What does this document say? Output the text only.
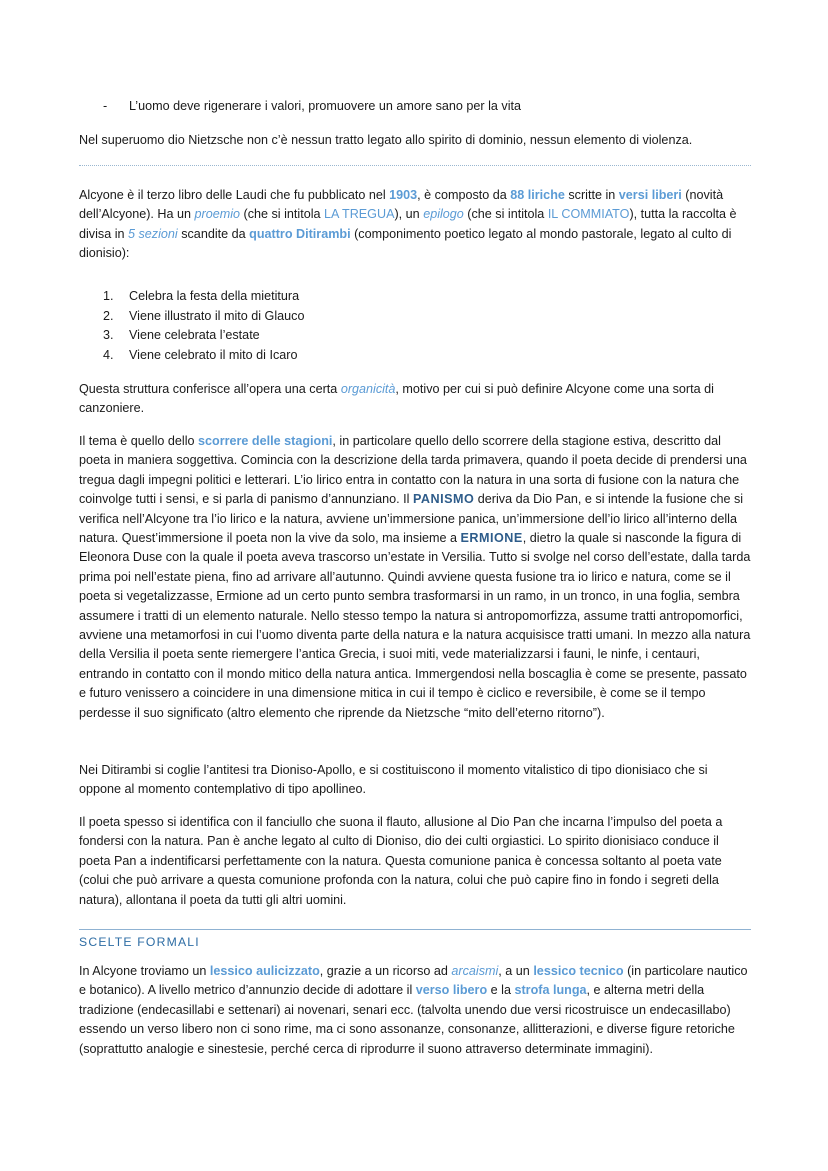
- L’uomo deve rigenerare i valori, promuovere un amore sano per la vita

Nel superuomo dio Nietzsche non c’è nessun tratto legato allo spirito di dominio, nessun elemento di violenza.

Alcyone è il terzo libro delle Laudi che fu pubblicato nel 1903, è composto da 88 liriche scritte in versi liberi (novità dell’Alcyone). Ha un proemio (che si intitola LA TREGUA), un epilogo (che si intitola IL COMMIATO), tutta la raccolta è divisa in 5 sezioni scandite da quattro Ditirambi (componimento poetico legato al mondo pastorale, legato al culto di dionisio):

1. Celebra la festa della mietitura
2. Viene illustrato il mito di Glauco
3. Viene celebrata l’estate
4. Viene celebrato il mito di Icaro

Questa struttura conferisce all’opera una certa organicità, motivo per cui si può definire Alcyone come una sorta di canzoniere.

Il tema è quello dello scorrere delle stagioni, in particolare quello dello scorrere della stagione estiva, descritto dal poeta in maniera soggettiva. Comincia con la descrizione della tarda primavera, quando il poeta decide di prendersi una tregua dagli impegni politici e letterari. L’io lirico entra in contatto con la natura in una sorta di fusione con la natura che coinvolge tutti i sensi, e si parla di panismo d’annunziano. Il PANISMO deriva da Dio Pan, e si intende la fusione che si verifica nell’Alcyone tra l’io lirico e la natura, avviene un’immersione panica, un’immersione dell’io lirico all’interno della natura. Quest’immersione il poeta non la vive da solo, ma insieme a ERMIONE, dietro la quale si nasconde la figura di Eleonora Duse con la quale il poeta aveva trascorso un’estate in Versilia. Tutto si svolge nel corso dell’estate, dalla tarda prima poi nell’estate piena, fino ad arrivare all’autunno. Quindi avviene questa fusione tra io lirico e natura, come se il poeta si vegetalizzasse, Ermione ad un certo punto sembra trasformarsi in un ramo, in un tronco, in una foglia, sembra assumere i tratti di un elemento naturale. Nello stesso tempo la natura si antropomorfizza, assume tratti antropomorfici, avviene una metamorfosi in cui l’uomo diventa parte della natura e la natura acquisisce tratti umani. In mezzo alla natura della Versilia il poeta sente riemergere l’antica Grecia, i suoi miti, vede materializzarsi i fauni, le ninfe, i centauri, entrando in contatto con il mondo mitico della natura antica. Immergendosi nella boscaglia è come se presente, passato e futuro venissero a coincidere in una dimensione mitica in cui il tempo è ciclico e reversibile, è come se il tempo perdesse il suo significato (altro elemento che riprende da Nietzsche “mito dell’eterno ritorno”).

Nei Ditirambi si coglie l’antitesi tra Dioniso-Apollo, e si costituiscono il momento vitalistico di tipo dionisiaco che si oppone al momento contemplativo di tipo apollineo.

Il poeta spesso si identifica con il fanciullo che suona il flauto, allusione al Dio Pan che incarna l’impulso del poeta a fondersi con la natura. Pan è anche legato al culto di Dioniso, dio dei culti orgiastici. Lo spirito dionisiaco conduce il poeta Pan a indentificarsi perfettamente con la natura. Questa comunione panica è concessa soltanto al poeta vate (colui che può arrivare a questa comunione profonda con la natura, colui che può capire fino in fondo i segreti della natura), allontana il poeta da tutti gli altri uomini.

SCELTE FORMALI

In Alcyone troviamo un lessico aulicizzato, grazie a un ricorso ad arcaismi, a un lessico tecnico (in particolare nautico e botanico). A livello metrico d’annunzio decide di adottare il verso libero e la strofa lunga, e alterna metri della tradizione (endecasillabi e settenari) ai novenari, senari ecc. (talvolta unendo due versi ricostruisce un endecasillabo) essendo un verso libero non ci sono rime, ma ci sono assonanze, consonanze, allitterazioni, e diverse figure retoriche (soprattutto analogie e sinestesie, perché cerca di riprodurre il suono attraverso determinate immagini).
